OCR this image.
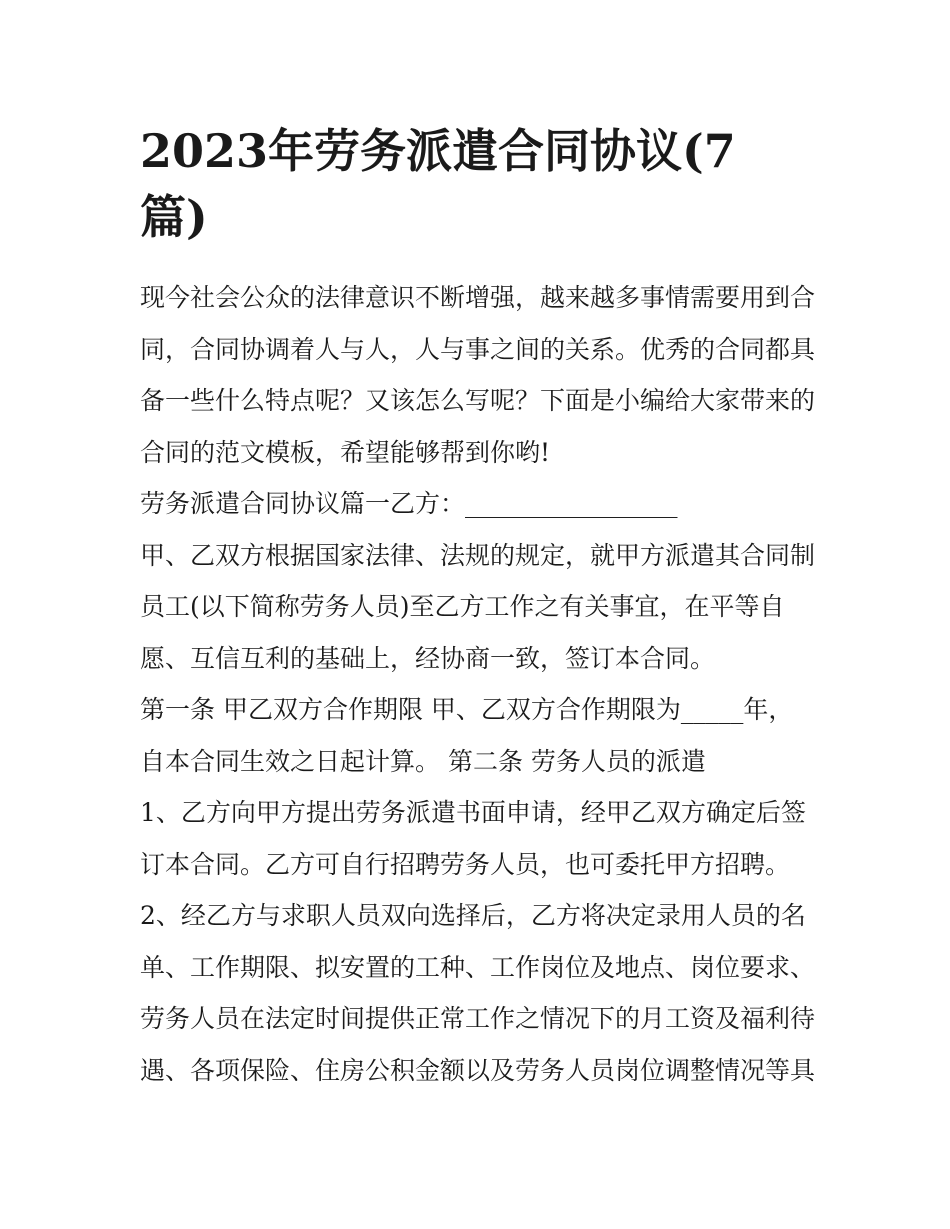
2023年劳务派遣合同协议(7
篇)
现今社会公众的法律意识不断增强，越来越多事情需要用到合
同，合同协调着人与人，人与事之间的关系。优秀的合同都具
备一些什么特点呢？又该怎么写呢？下面是小编给大家带来的
合同的范文模板，希望能够帮到你哟!
劳务派遣合同协议篇一乙方：_________________
甲、乙双方根据国家法律、法规的规定，就甲方派遣其合同制
员工(以下简称劳务人员)至乙方工作之有关事宜，在平等自
愿、互信互利的基础上，经协商一致，签订本合同。
第一条 甲乙双方合作期限 甲、乙双方合作期限为_____年，
自本合同生效之日起计算。 第二条 劳务人员的派遣
1、乙方向甲方提出劳务派遣书面申请，经甲乙双方确定后签
订本合同。乙方可自行招聘劳务人员，也可委托甲方招聘。
2、经乙方与求职人员双向选择后，乙方将决定录用人员的名
单、工作期限、拟安置的工种、工作岗位及地点、岗位要求、
劳务人员在法定时间提供正常工作之情况下的月工资及福利待
遇、各项保险、住房公积金额以及劳务人员岗位调整情况等具
